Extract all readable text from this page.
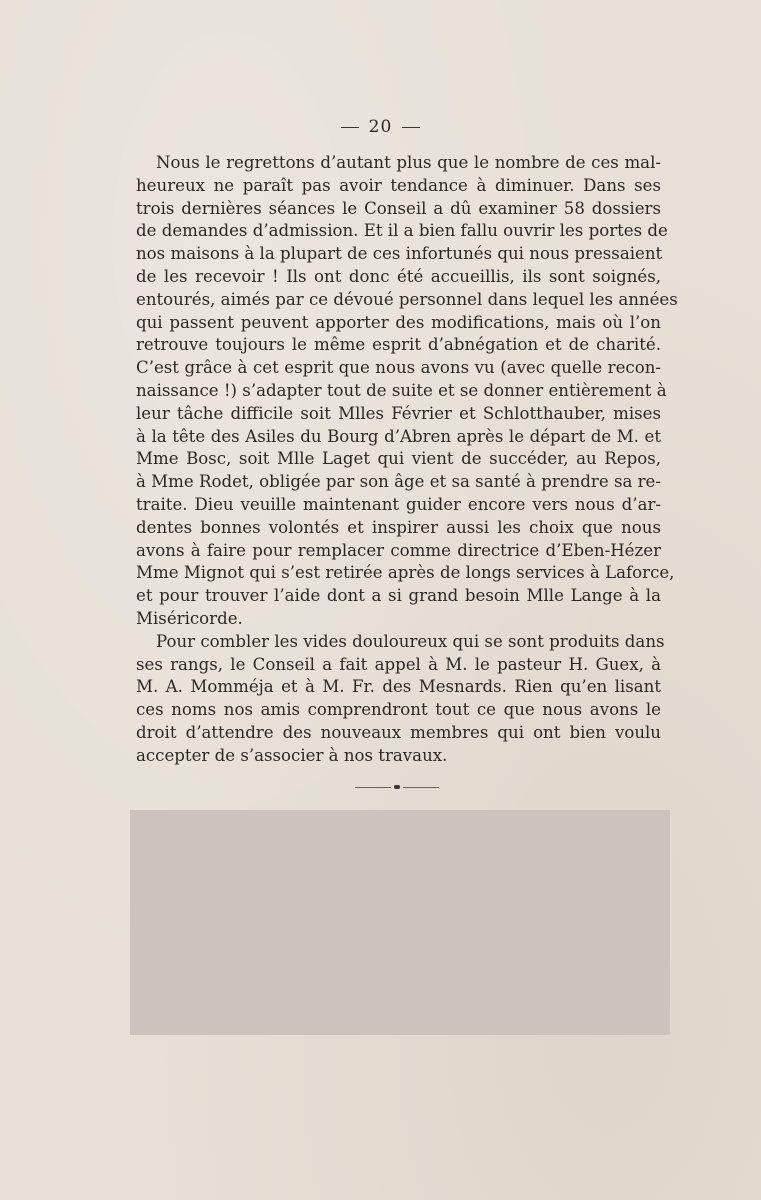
20
Nous le regrettons d’autant plus que le nombre de ces mal-
heureux ne paraît pas avoir tendance à diminuer. Dans ses
trois dernières séances le Conseil a dû examiner 58 dossiers
de demandes d’admission. Et il a bien fallu ouvrir les portes de
nos maisons à la plupart de ces infortunés qui nous pressaient
de les recevoir ! Ils ont donc été accueillis, ils sont soignés,
entourés, aimés par ce dévoué personnel dans lequel les années
qui passent peuvent apporter des modifications, mais où l’on
retrouve toujours le même esprit d’abnégation et de charité.
C’est grâce à cet esprit que nous avons vu (avec quelle recon-
naissance !) s’adapter tout de suite et se donner entièrement à
leur tâche difficile soit Mlles Février et Schlotthauber, mises
à la tête des Asiles du Bourg d’Abren après le départ de M. et
Mme Bosc, soit Mlle Laget qui vient de succéder, au Repos,
à Mme Rodet, obligée par son âge et sa santé à prendre sa re-
traite. Dieu veuille maintenant guider encore vers nous d’ar-
dentes bonnes volontés et inspirer aussi les choix que nous
avons à faire pour remplacer comme directrice d’Eben-Hézer
Mme Mignot qui s’est retirée après de longs services à Laforce,
et pour trouver l’aide dont a si grand besoin Mlle Lange à la
Miséricorde.
Pour combler les vides douloureux qui se sont produits dans
ses rangs, le Conseil a fait appel à M. le pasteur H. Guex, à
M. A. Momméja et à M. Fr. des Mesnards. Rien qu’en lisant
ces noms nos amis comprendront tout ce que nous avons le
droit d’attendre des nouveaux membres qui ont bien voulu
accepter de s’associer à nos travaux.
